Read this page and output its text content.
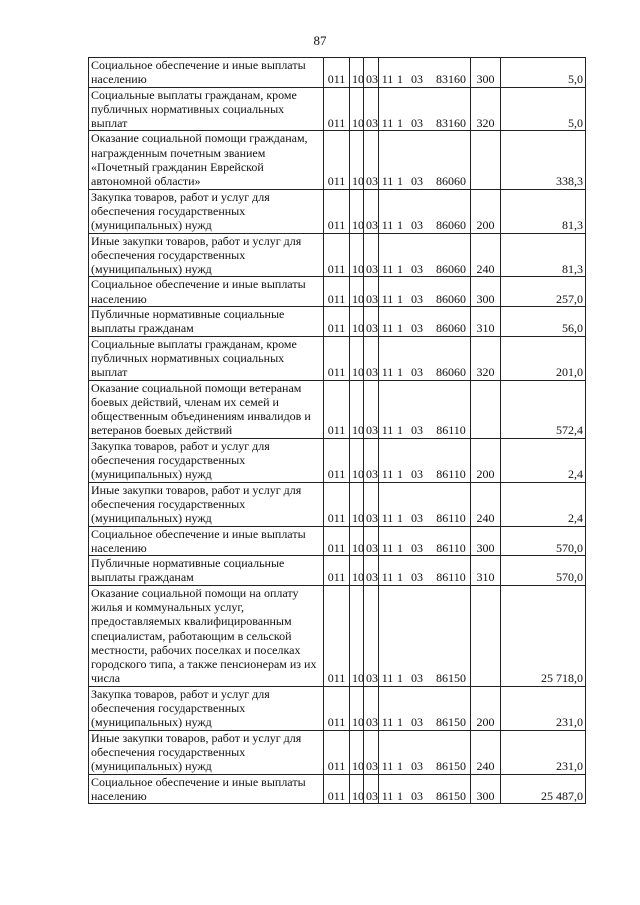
87
Социальное обеспечение и иные выплаты населению	011	10	03	11 1 03 83160	300	5,0
Социальные выплаты гражданам, кроме публичных нормативных социальных выплат	011	10	03	11 1 03 83160	320	5,0
Оказание социальной помощи гражданам, награжденным почетным званием «Почетный гражданин Еврейской автономной области»	011	10	03	11 1 03 86060		338,3
Закупка товаров, работ и услуг для обеспечения государственных (муниципальных) нужд	011	10	03	11 1 03 86060	200	81,3
Иные закупки товаров, работ и услуг для обеспечения государственных (муниципальных) нужд	011	10	03	11 1 03 86060	240	81,3
Социальное обеспечение и иные выплаты населению	011	10	03	11 1 03 86060	300	257,0
Публичные нормативные социальные выплаты гражданам	011	10	03	11 1 03 86060	310	56,0
Социальные выплаты гражданам, кроме публичных нормативных социальных выплат	011	10	03	11 1 03 86060	320	201,0
Оказание социальной помощи ветеранам боевых действий, членам их семей и общественным объединениям инвалидов и ветеранов боевых действий	011	10	03	11 1 03 86110		572,4
Закупка товаров, работ и услуг для обеспечения государственных (муниципальных) нужд	011	10	03	11 1 03 86110	200	2,4
Иные закупки товаров, работ и услуг для обеспечения государственных (муниципальных) нужд	011	10	03	11 1 03 86110	240	2,4
Социальное обеспечение и иные выплаты населению	011	10	03	11 1 03 86110	300	570,0
Публичные нормативные социальные выплаты гражданам	011	10	03	11 1 03 86110	310	570,0
Оказание социальной помощи на оплату жилья и коммунальных услуг, предоставляемых квалифицированным специалистам, работающим в сельской местности, рабочих поселках и поселках городского типа, а также пенсионерам из их числа	011	10	03	11 1 03 86150		25 718,0
Закупка товаров, работ и услуг для обеспечения государственных (муниципальных) нужд	011	10	03	11 1 03 86150	200	231,0
Иные закупки товаров, работ и услуг для обеспечения государственных (муниципальных) нужд	011	10	03	11 1 03 86150	240	231,0
Социальное обеспечение и иные выплаты населению	011	10	03	11 1 03 86150	300	25 487,0
